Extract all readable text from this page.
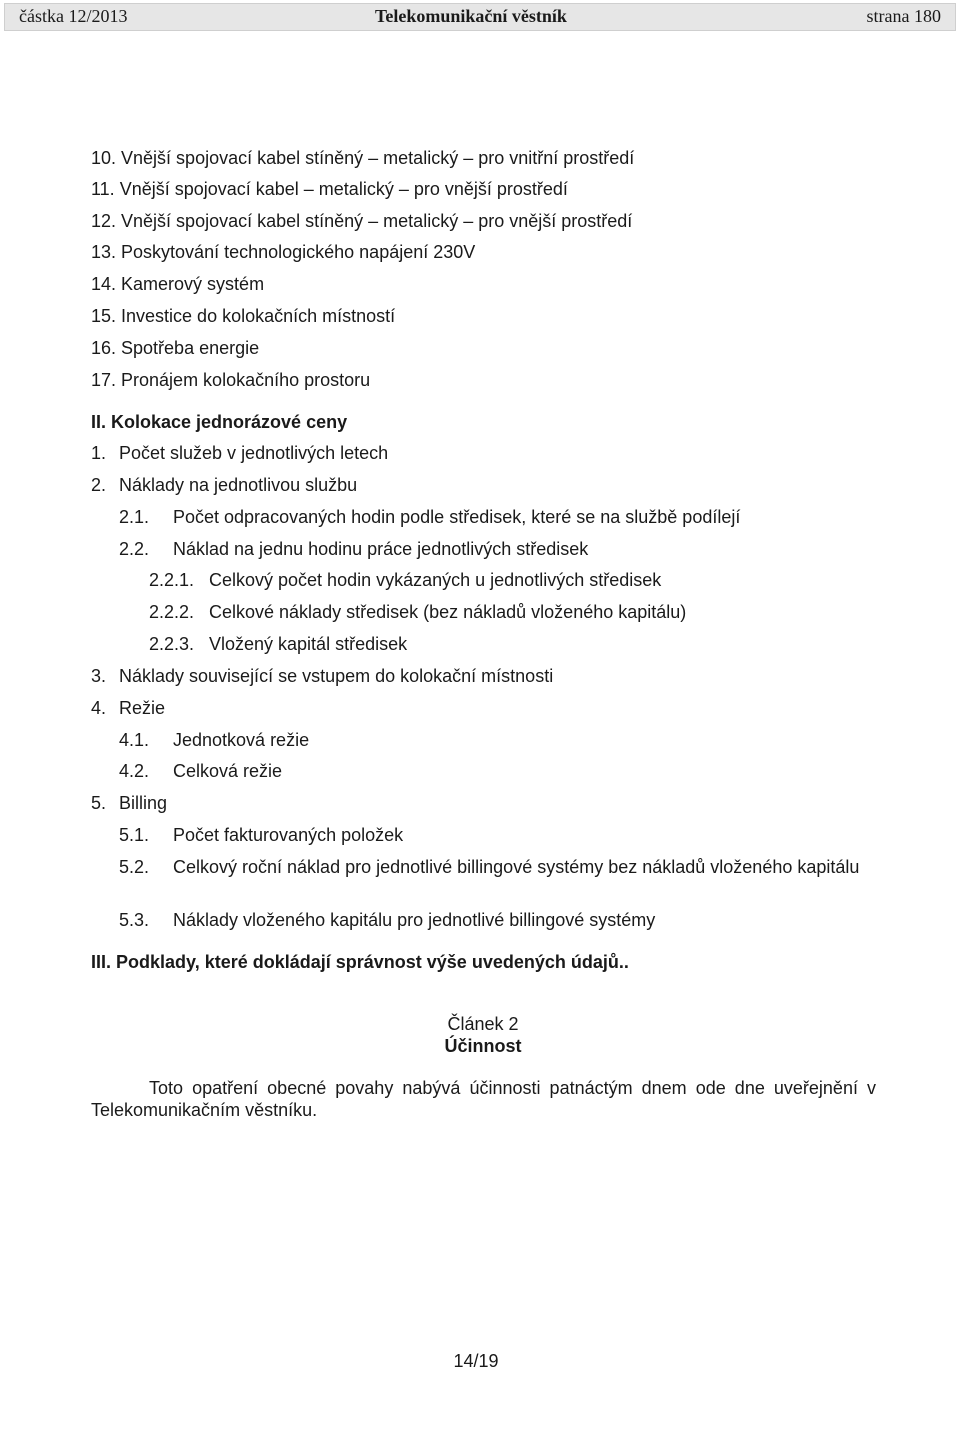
částka 12/2013	Telekomunikační věstník	strana 180
10. Vnější spojovací kabel stíněný – metalický – pro vnitřní prostředí
11. Vnější spojovací kabel – metalický – pro vnější prostředí
12. Vnější spojovací kabel stíněný – metalický – pro vnější prostředí
13. Poskytování technologického napájení 230V
14. Kamerový systém
15. Investice do kolokačních místností
16. Spotřeba energie
17. Pronájem kolokačního prostoru
II. Kolokace jednorázové ceny
1. Počet služeb v jednotlivých letech
2. Náklady na jednotlivou službu
2.1. Počet odpracovaných hodin podle středisek, které se na službě podílejí
2.2. Náklad na jednu hodinu práce jednotlivých středisek
2.2.1. Celkový počet hodin vykázaných u jednotlivých středisek
2.2.2. Celkové náklady středisek (bez nákladů vloženého kapitálu)
2.2.3. Vložený kapitál středisek
3. Náklady související se vstupem do kolokační místnosti
4. Režie
4.1. Jednotková režie
4.2. Celková režie
5. Billing
5.1. Počet fakturovaných položek
5.2. Celkový roční náklad pro jednotlivé billingové systémy bez nákladů vloženého kapitálu
5.3. Náklady vloženého kapitálu pro jednotlivé billingové systémy
III. Podklady, které dokládají správnost výše uvedených údajů..
Článek 2
Účinnost
Toto opatření obecné povahy nabývá účinnosti patnáctým dnem ode dne uveřejnění v Telekomunikačním věstníku.
14/19
